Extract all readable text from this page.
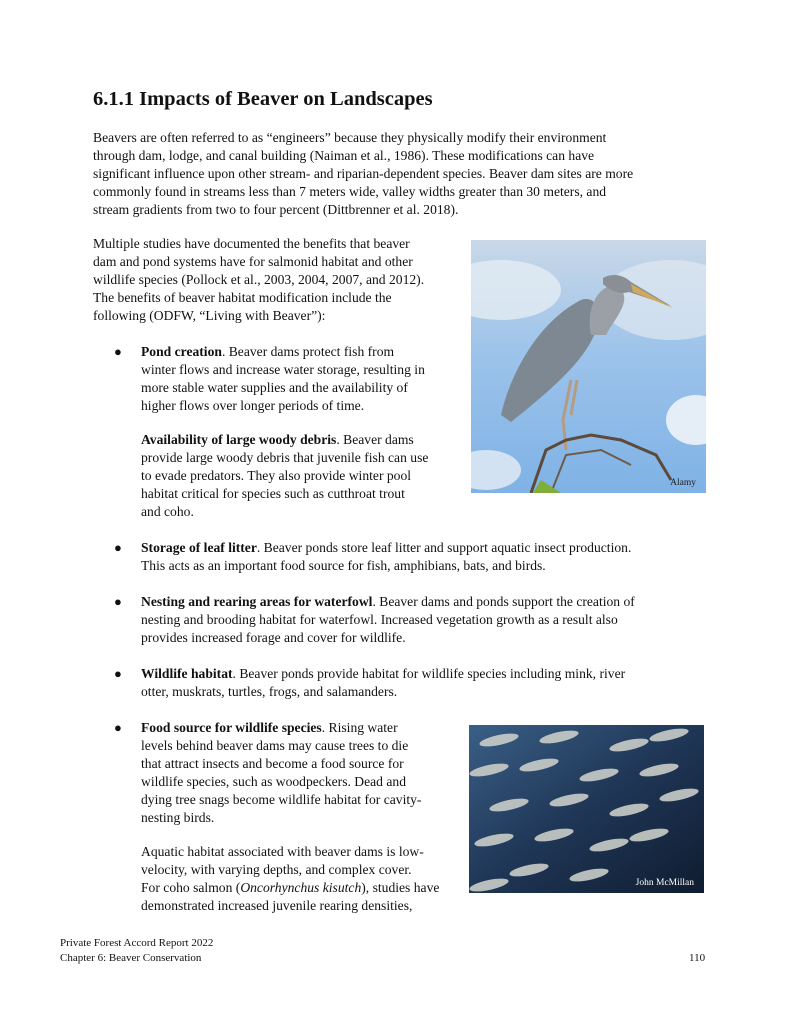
6.1.1 Impacts of Beaver on Landscapes
Beavers are often referred to as “engineers” because they physically modify their environment
through dam, lodge, and canal building (Naiman et al., 1986). These modifications can have
significant influence upon other stream- and riparian-dependent species. Beaver dam sites are more
commonly found in streams less than 7 meters wide, valley widths greater than 30 meters, and
stream gradients from two to four percent (Dittbrenner et al. 2018).
Multiple studies have documented the benefits that beaver
dam and pond systems have for salmonid habitat and other
wildlife species (Pollock et al., 2003, 2004, 2007, and 2012).
The benefits of beaver habitat modification include the
following (ODFW, “Living with Beaver”):
● Pond creation. Beaver dams protect fish from
winter flows and increase water storage, resulting in
more stable water supplies and the availability of
higher flows over longer periods of time.
Availability of large woody debris. Beaver dams
provide large woody debris that juvenile fish can use
to evade predators. They also provide winter pool
habitat critical for species such as cutthroat trout
and coho.
● Storage of leaf litter. Beaver ponds store leaf litter and support aquatic insect production.
This acts as an important food source for fish, amphibians, bats, and birds.
● Nesting and rearing areas for waterfowl. Beaver dams and ponds support the creation of
nesting and brooding habitat for waterfowl. Increased vegetation growth as a result also
provides increased forage and cover for wildlife.
● Wildlife habitat. Beaver ponds provide habitat for wildlife species including mink, river
otter, muskrats, turtles, frogs, and salamanders.
● Food source for wildlife species. Rising water
levels behind beaver dams may cause trees to die
that attract insects and become a food source for
wildlife species, such as woodpeckers. Dead and
dying tree snags become wildlife habitat for cavity-
nesting birds.
Aquatic habitat associated with beaver dams is low-
velocity, with varying depths, and complex cover.
For coho salmon (Oncorhynchus kisutch), studies have
demonstrated increased juvenile rearing densities,
Alamy
John McMillan
Private Forest Accord Report 2022
Chapter 6: Beaver Conservation	110
